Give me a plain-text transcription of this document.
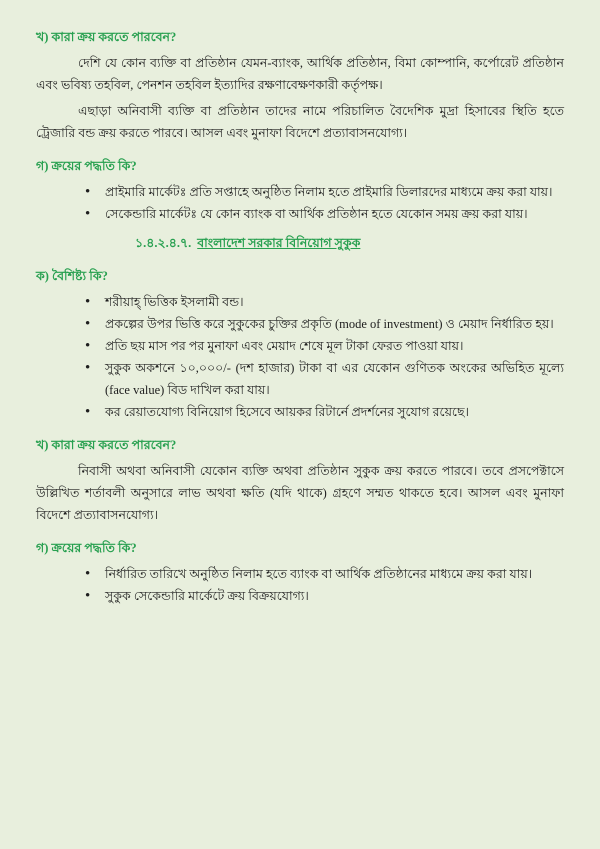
খ) কারা ক্রয় করতে পারবেন?

দেশি যে কোন ব্যক্তি বা প্রতিষ্ঠান যেমন-ব্যাংক, আর্থিক প্রতিষ্ঠান, বিমা কোম্পানি, কর্পোরেট প্রতিষ্ঠান এবং ভবিষ্য তহবিল, পেনশন তহবিল ইত্যাদির রক্ষণাবেক্ষণকারী কর্তৃপক্ষ।

এছাড়া অনিবাসী ব্যক্তি বা প্রতিষ্ঠান তাদের নামে পরিচালিত বৈদেশিক মুদ্রা হিসাবের স্থিতি হতে ট্রেজারি বন্ড ক্রয় করতে পারবে। আসল এবং মুনাফা বিদেশে প্রত্যাবাসনযোগ্য।

গ) ক্রয়ের পদ্ধতি কি?
• প্রাইমারি মার্কেটঃ প্রতি সপ্তাহে অনুষ্ঠিত নিলাম হতে প্রাইমারি ডিলারদের মাধ্যমে ক্রয় করা যায়।
• সেকেন্ডারি মার্কেটঃ যে কোন ব্যাংক বা আর্থিক প্রতিষ্ঠান হতে যেকোন সময় ক্রয় করা যায়।
১.৪.২.৪.৭. বাংলাদেশ সরকার বিনিয়োগ সুকুক
ক) বৈশিষ্ট্য কি?
• শরীয়াহ্‌ ভিত্তিক ইসলামী বন্ড।
• প্রকল্পের উপর ভিত্তি করে সুকুকের চুক্তির প্রকৃতি (mode of investment) ও মেয়াদ নির্ধারিত হয়।
• প্রতি ছয় মাস পর পর মুনাফা এবং মেয়াদ শেষে মূল টাকা ফেরত পাওয়া যায়।
• সুকুক অকশনে ১০,০০০/- (দশ হাজার) টাকা বা এর যেকোন গুণিতক অংকের অভিহিত মূল্যে (face value) বিড দাখিল করা যায়।
• কর রেয়াতযোগ্য বিনিয়োগ হিসেবে আয়কর রিটার্নে প্রদর্শনের সুযোগ রয়েছে।
খ) কারা ক্রয় করতে পারবেন?

নিবাসী অথবা অনিবাসী যেকোন ব্যক্তি অথবা প্রতিষ্ঠান সুকুক ক্রয় করতে পারবে। তবে প্রসপেক্টাসে উল্লিখিত শর্তাবলী অনুসারে লাভ অথবা ক্ষতি (যদি থাকে) গ্রহণে সম্মত থাকতে হবে। আসল এবং মুনাফা বিদেশে প্রত্যাবাসনযোগ্য।

গ) ক্রয়ের পদ্ধতি কি?
• নির্ধারিত তারিখে অনুষ্ঠিত নিলাম হতে ব্যাংক বা আর্থিক প্রতিষ্ঠানের মাধ্যমে ক্রয় করা যায়।
• সুকুক সেকেন্ডারি মার্কেটে ক্রয় বিক্রয়যোগ্য।
